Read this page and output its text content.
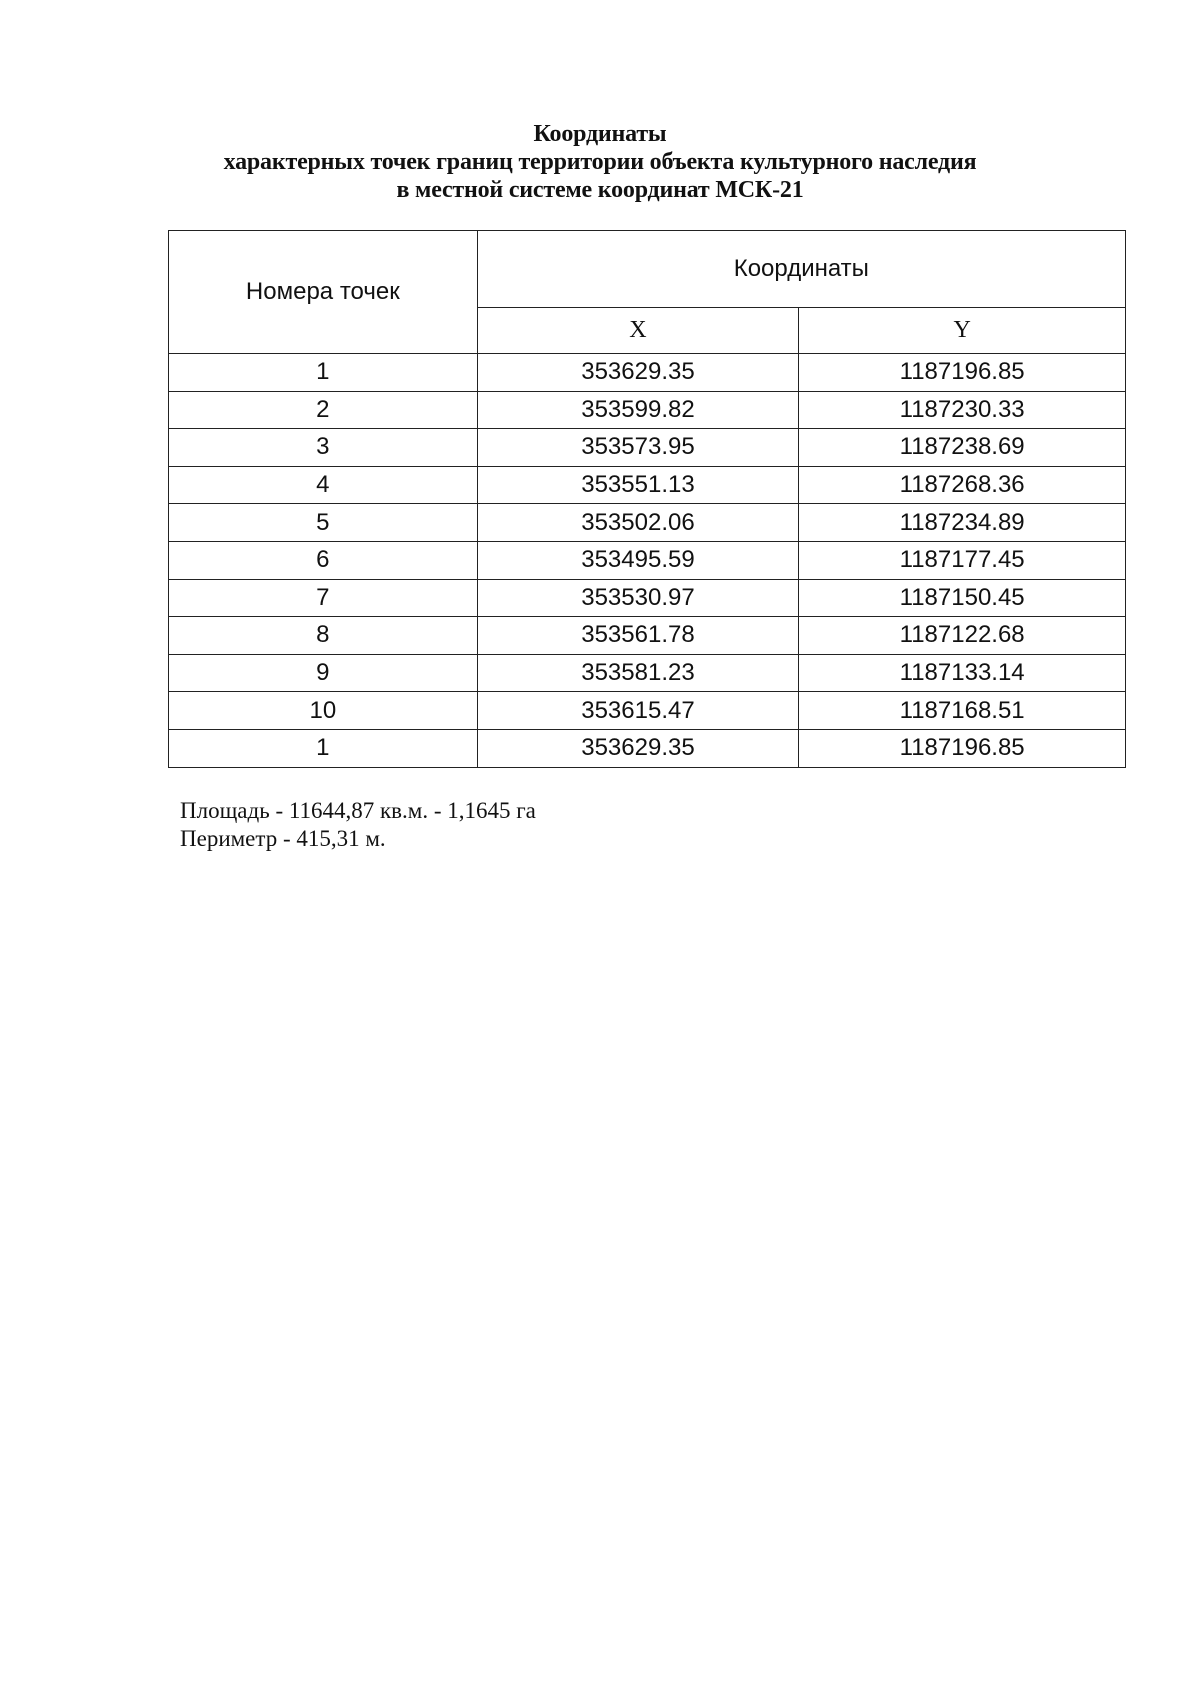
Координаты
характерных точек границ территории объекта культурного наследия
в местной системе координат МСК-21
Номера точек	Координаты	
	X	Y
1	353629.35	1187196.85
2	353599.82	1187230.33
3	353573.95	1187238.69
4	353551.13	1187268.36
5	353502.06	1187234.89
6	353495.59	1187177.45
7	353530.97	1187150.45
8	353561.78	1187122.68
9	353581.23	1187133.14
10	353615.47	1187168.51
1	353629.35	1187196.85
Площадь - 11644,87 кв.м. - 1,1645 га
Периметр - 415,31 м.
